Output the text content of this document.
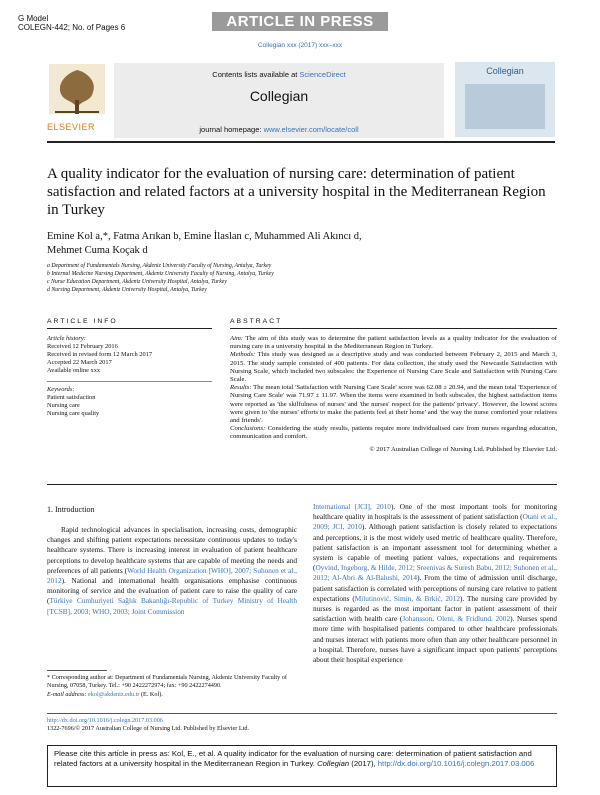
G Model
COLEGN-442; No. of Pages 6	ARTICLE IN PRESS
Collegian xxx (2017) xxx–xxx
ELSEVIER
Contents lists available at ScienceDirect
Collegian
journal homepage: www.elsevier.com/locate/coll
Collegian
A quality indicator for the evaluation of nursing care: determination of patient satisfaction and related factors at a university hospital in the Mediterranean Region in Turkey
Emine Kol a,*, Fatma Arıkan b, Emine İlaslan c, Muhammed Ali Akıncı d,
Mehmet Cuma Koçak d
a Department of Fundamentals Nursing, Akdeniz University Faculty of Nursing, Antalya, Turkey
b Internal Medicine Nursing Department, Akdeniz University Faculty of Nursing, Antalya, Turkey
c Nurse Education Department, Akdeniz University Hospital, Antalya, Turkey
d Nursing Department, Akdeniz University Hospital, Antalya, Turkey
ARTICLE INFO
Article history:
Received 12 February 2016
Received in revised form 12 March 2017
Accepted 22 March 2017
Available online xxx
Keywords:
Patient satisfaction
Nursing care
Nursing care quality
ABSTRACT

Aim: The aim of this study was to determine the patient satisfaction levels as a quality indicator for the evaluation of nursing care in a university hospital in the Mediterranean Region in Turkey.

Methods: This study was designed as a descriptive study and was conducted between February 2, 2015 and March 3, 2015. The study sample consisted of 400 patients. For data collection, the study used the Newcastle Satisfaction with Nursing Scale, which included two subscales: the Experience of Nursing Care Scale and Satisfaction with Nursing Care Scale.

Results: The mean total 'Satisfaction with Nursing Care Scale' score was 62.08 ± 20.94, and the mean total 'Experience of Nursing Care Scale' was 71.97 ± 11.97. When the items were examined in both subscales, the highest satisfaction items were reported as 'the skilfulness of nurses' and 'the nurses' respect for the patients' privacy'. However, the lowest scores were given to 'the nurses' efforts to make the patients feel at their home' and 'the way the nurse comforted your relatives and friends'.

Conclusions: Considering the study results, patients require more individualised care from nurses regarding education, communication and comfort.

© 2017 Australian College of Nursing Ltd. Published by Elsevier Ltd.

1. Introduction
Rapid technological advances in specialisation, increasing costs, demographic changes and shifting patient expectations necessitate continuous updates to today's healthcare systems. There is increasing interest in evaluation of patient healthcare perceptions to develop healthcare systems that are capable of meeting the needs and preferences of all patients (World Health Organization [WHO], 2007; Suhonen et al., 2012). National and international health organisations emphasise continuous monitoring of service and the evaluation of patient care to raise the quality of care (Türkiye Cumhuriyeti Sağlık Bakanlığı-Republic of Turkey Ministry of Health [TCSB], 2003; WHO, 2003; Joint Commission
International [JCI], 2010). One of the most important tools for monitoring healthcare quality in hospitals is the assessment of patient satisfaction (Otani et al., 2009; JCI, 2010). Although patient satisfaction is closely related to expectations and perceptions, it is the most widely used metric of healthcare quality. Therefore, patient satisfaction is an important assessment tool for determining whether a system is capable of meeting patient values, expectations and requirements (Oyvind, Ingeborg, & Hilde, 2012; Sreenivas & Suresh Babu, 2012; Suhonen et al., 2012; Al-Abri & Al-Balushi, 2014). From the time of admission until discharge, patient satisfaction is correlated with perceptions of nursing care relative to patient expectations (Milutinović, Simin, & Brkić, 2012). The nursing care provided by nurses is regarded as the most important factor in patient assessment of their satisfaction with health care (Johansson, Oleni, & Fridlund, 2002). Nurses spend more time with hospitalised patients compared to other healthcare professionals and nurses interact with patients more often than any other healthcare personnel in a hospital. Therefore, nurses have a significant impact upon patients' perceptions about their hospital experience
* Corresponding author at: Department of Fundamentals Nursing, Akdeniz University Faculty of Nursing, 07058, Turkey. Tel.: +90 2422272974; fax: +90 2422274490.
E-mail address: ekol@akdeniz.edu.tr (E. Kol).
http://dx.doi.org/10.1016/j.colegn.2017.03.006
1322-7696/© 2017 Australian College of Nursing Ltd. Published by Elsevier Ltd.
Please cite this article in press as: Kol, E., et al. A quality indicator for the evaluation of nursing care: determination of patient satisfaction and related factors at a university hospital in the Mediterranean Region in Turkey. Collegian (2017), http://dx.doi.org/10.1016/j.colegn.2017.03.006
